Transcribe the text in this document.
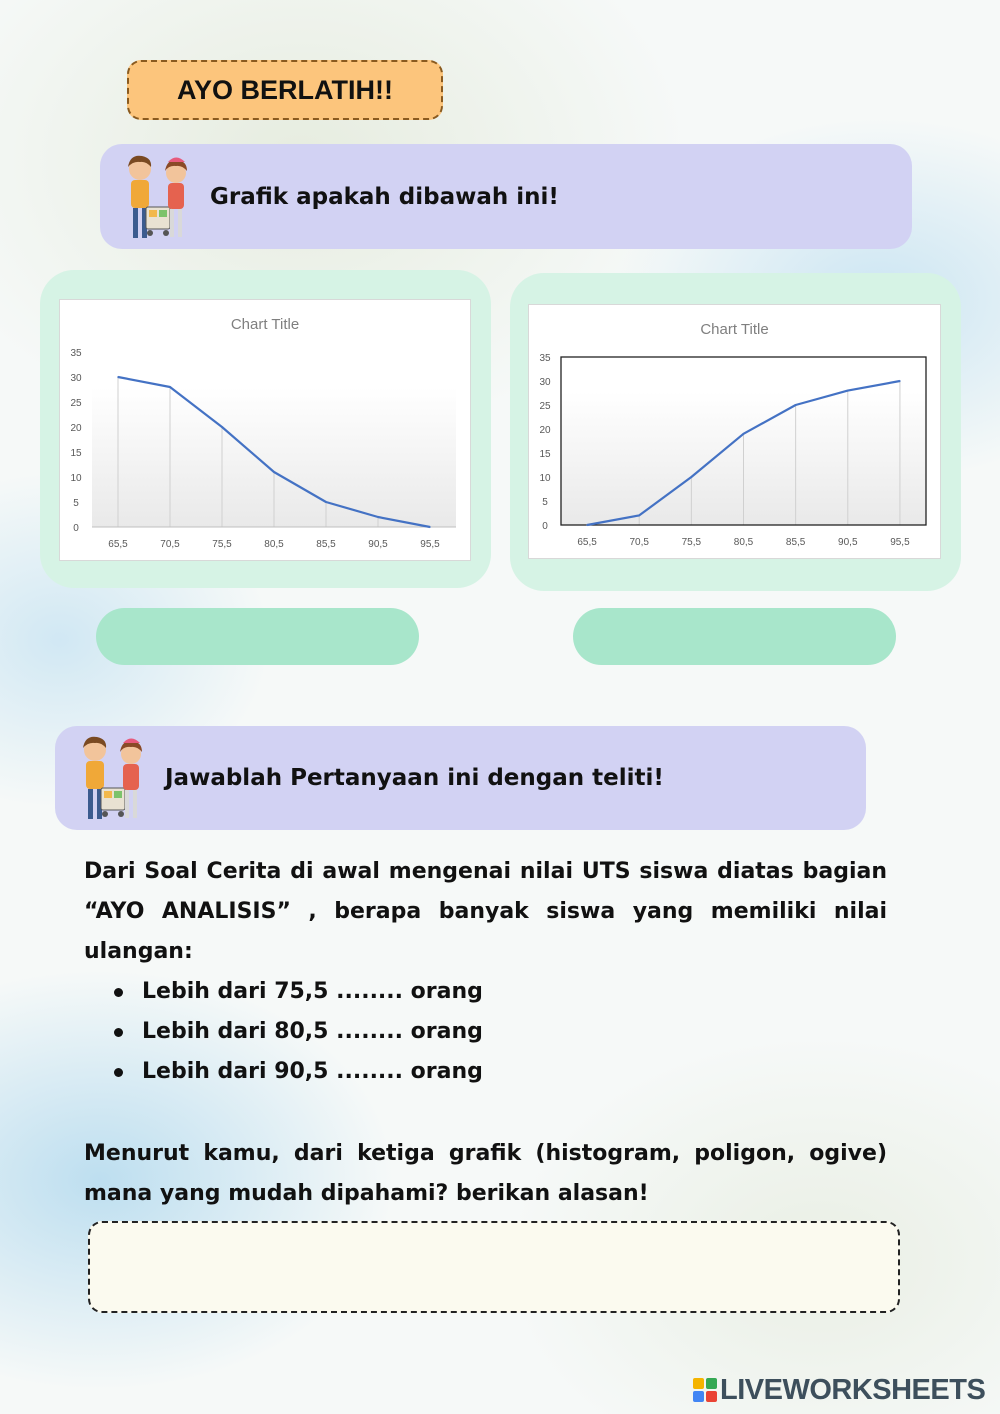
AYO BERLATIH!!
Grafik apakah dibawah ini!
Chart Title
0
5
10
15
20
25
30
35
65,5	70,5	75,5	80,5	85,5	90,5	95,5
Chart Title
0
5
10
15
20
25
30
35
65,5	70,5	75,5	80,5	85,5	90,5	95,5
Jawablah Pertanyaan ini dengan teliti!

Dari Soal Cerita di awal mengenai nilai UTS siswa diatas bagian “AYO ANALISIS” , berapa banyak siswa yang memiliki nilai ulangan:

Lebih dari 75,5 ........ orang
Lebih dari 80,5 ........ orang
Lebih dari 90,5 ........ orang

Menurut kamu, dari ketiga grafik (histogram, poligon, ogive) mana yang mudah dipahami? berikan alasan!

LIVEWORKSHEETS
